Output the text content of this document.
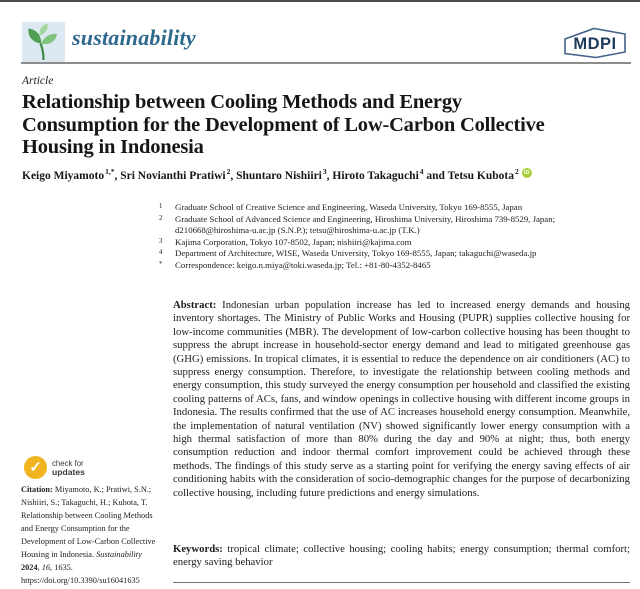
sustainability	MDPI
Article
Relationship between Cooling Methods and Energy
Consumption for the Development of Low-Carbon Collective
Housing in Indonesia
Keigo Miyamoto$^{1,*}$, Sri Novianthi Pratiwi$^2$, Shuntaro Nishiiri$^3$, Hiroto Takaguchi$^4$ and Tetsu Kubota$^2$ iD
1	Graduate School of Creative Science and Engineering, Waseda University, Tokyo 169-8555, Japan
2	Graduate School of Advanced Science and Engineering, Hiroshima University, Hiroshima 739-8529, Japan; d210668@hiroshima-u.ac.jp (S.N.P.); tetsu@hiroshima-u.ac.jp (T.K.)
3	Kajima Corporation, Tokyo 107-8502, Japan; nishiiri@kajima.com
4	Department of Architecture, WISE, Waseda University, Tokyo 169-8555, Japan; takaguchi@waseda.jp
*	Correspondence: keigo.n.miya@toki.waseda.jp; Tel.: +81-80-4352-8465
Abstract: Indonesian urban population increase has led to increased energy demands and housing inventory shortages. The Ministry of Public Works and Housing (PUPR) supplies collective housing for low-income communities (MBR). The development of low-carbon collective housing has been thought to suppress the abrupt increase in household-sector energy demand and lead to mitigated greenhouse gas (GHG) emissions. In tropical climates, it is essential to reduce the dependence on air conditioners (AC) to suppress energy consumption. Therefore, to investigate the relationship between cooling methods and energy consumption, this study surveyed the energy consumption per household and classified the existing cooling patterns of ACs, fans, and window openings in collective housing with different income groups in Indonesia. The results confirmed that the use of AC increases household energy consumption. Meanwhile, the implementation of natural ventilation (NV) showed significantly lower energy consumption with a high thermal satisfaction of more than 80% during the day and 90% at night; thus, both energy consumption reduction and indoor thermal comfort improvement could be achieved through these methods. The findings of this study serve as a starting point for verifying the energy saving effects of air conditioning habits with the consideration of socio-demographic changes for the purpose of decarbonizing collective housing, including future predictions and energy simulations.
Keywords: tropical climate; collective housing; cooling habits; energy consumption; thermal comfort; energy saving behavior
✓	check for
updates
Citation: Miyamoto, K.; Pratiwi, S.N.; Nishiiri, S.; Takaguchi, H.; Kubota, T. Relationship between Cooling Methods and Energy Consumption for the Development of Low-Carbon Collective Housing in Indonesia. Sustainability 2024, 16, 1635. https://doi.org/10.3390/su16041635
